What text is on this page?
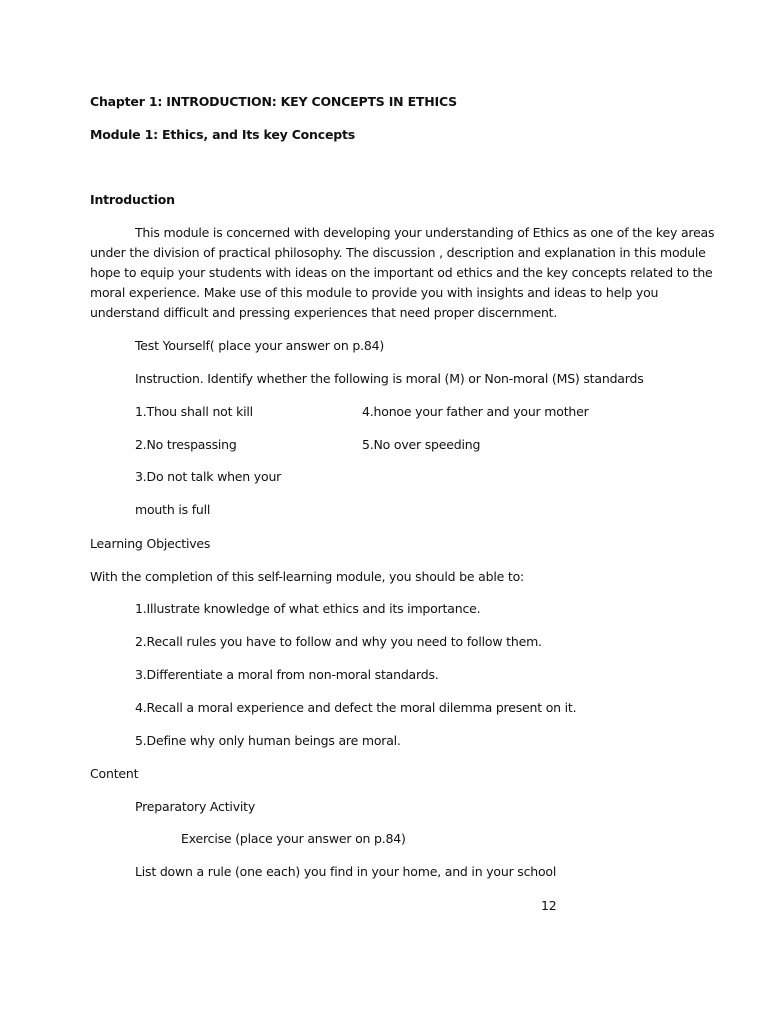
Chapter 1: INTRODUCTION: KEY CONCEPTS IN ETHICS
Module 1: Ethics, and Its key Concepts
Introduction
This module is concerned with developing your understanding of Ethics as one of the key areas
under the division of practical philosophy. The discussion , description and explanation in this module
hope to equip your students with ideas on the important od ethics and the key concepts related to the
moral experience. Make use of this module to provide you with insights and ideas to help you
understand difficult and pressing experiences that need proper discernment.
Test Yourself( place your answer on p.84)
Instruction. Identify whether the following is moral (M) or Non-moral (MS) standards
1.Thou shall not kill	4.honoe your father and your mother
2.No trespassing	5.No over speeding
3.Do not talk when your
mouth is full
Learning Objectives
With the completion of this self-learning module, you should be able to:
1.Illustrate knowledge of what ethics and its importance.
2.Recall rules you have to follow and why you need to follow them.
3.Differentiate a moral from non-moral standards.
4.Recall a moral experience and defect the moral dilemma present on it.
5.Define why only human beings are moral.
Content
Preparatory Activity
Exercise (place your answer on p.84)
List down a rule (one each) you find in your home, and in your school
12
